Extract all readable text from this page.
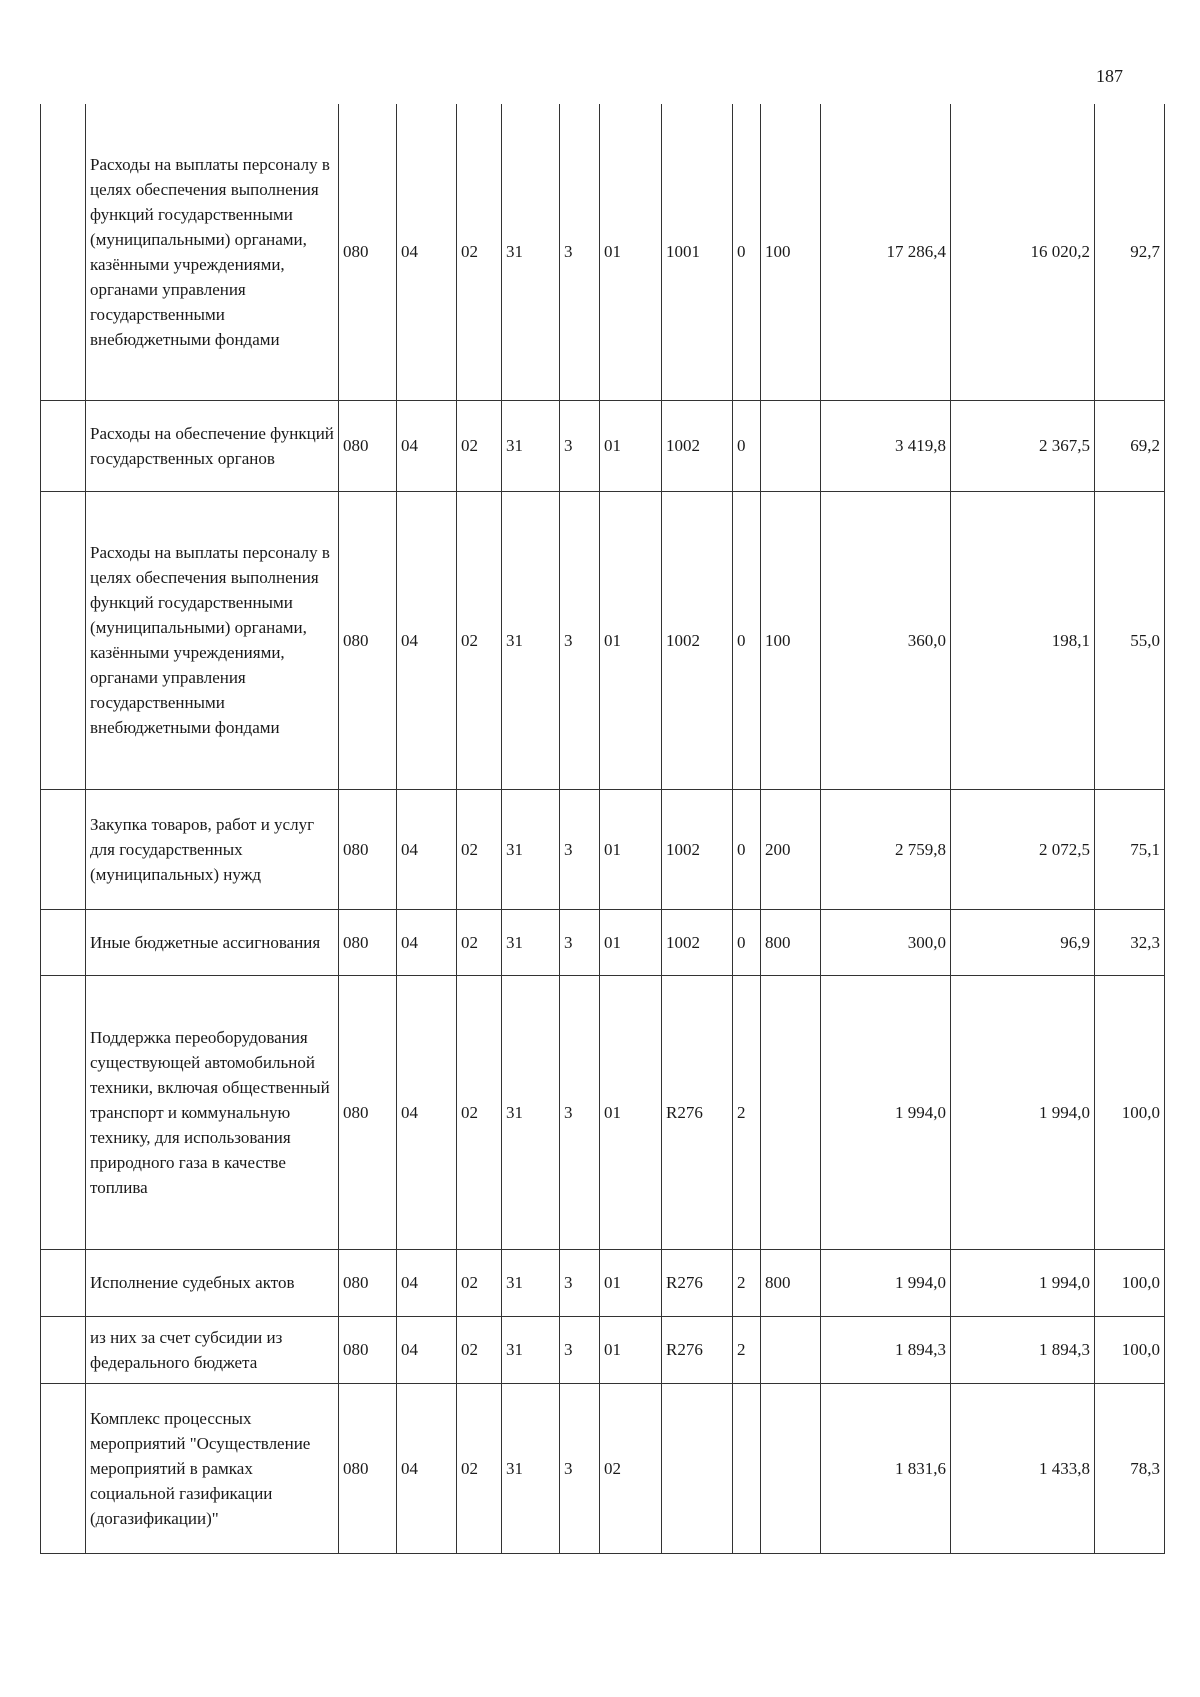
187
	Расходы на выплаты персоналу в целях обеспечения выполнения функций государственными (муниципальными) органами, казёнными учреждениями, органами управления государственными внебюджетными фондами	080	04	02	31	3	01	1001	0	100	17 286,4	16 020,2	92,7
	Расходы на обеспечение функций государственных органов	080	04	02	31	3	01	1002	0		3 419,8	2 367,5	69,2
	Расходы на выплаты персоналу в целях обеспечения выполнения функций государственными (муниципальными) органами, казёнными учреждениями, органами управления государственными внебюджетными фондами	080	04	02	31	3	01	1002	0	100	360,0	198,1	55,0
	Закупка товаров, работ и услуг для государственных (муниципальных) нужд	080	04	02	31	3	01	1002	0	200	2 759,8	2 072,5	75,1
	Иные бюджетные ассигнования	080	04	02	31	3	01	1002	0	800	300,0	96,9	32,3
	Поддержка переоборудования существующей автомобильной техники, включая общественный транспорт и коммунальную технику, для использования природного газа в качестве топлива	080	04	02	31	3	01	R276	2		1 994,0	1 994,0	100,0
	Исполнение судебных актов	080	04	02	31	3	01	R276	2	800	1 994,0	1 994,0	100,0
	из них за счет субсидии из федерального бюджета	080	04	02	31	3	01	R276	2		1 894,3	1 894,3	100,0
	Комплекс процессных мероприятий "Осуществление мероприятий в рамках социальной газификации (догазификации)"	080	04	02	31	3	02				1 831,6	1 433,8	78,3
